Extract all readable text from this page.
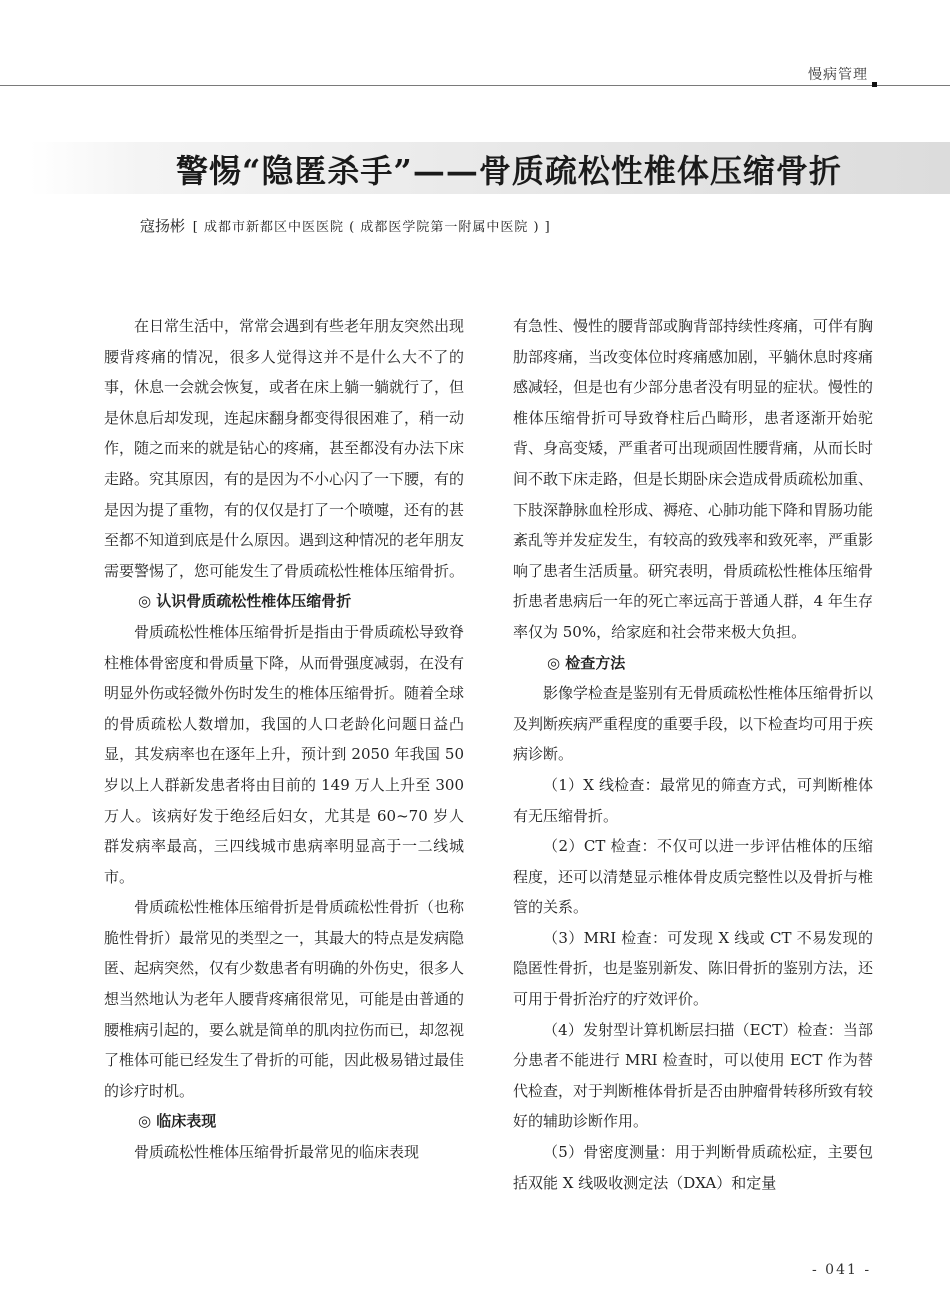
慢病管理
警惕“隐匿杀手”——骨质疏松性椎体压缩骨折
寇扬彬 [ 成都市新都区中医医院 ( 成都医学院第一附属中医院 ) ]

在日常生活中，常常会遇到有些老年朋友突然出现腰背疼痛的情况，很多人觉得这并不是什么大不了的事，休息一会就会恢复，或者在床上躺一躺就行了，但是休息后却发现，连起床翻身都变得很困难了，稍一动作，随之而来的就是钻心的疼痛，甚至都没有办法下床走路。究其原因，有的是因为不小心闪了一下腰，有的是因为提了重物，有的仅仅是打了一个喷嚏，还有的甚至都不知道到底是什么原因。遇到这种情况的老年朋友需要警惕了，您可能发生了骨质疏松性椎体压缩骨折。

◎ 认识骨质疏松性椎体压缩骨折

骨质疏松性椎体压缩骨折是指由于骨质疏松导致脊柱椎体骨密度和骨质量下降，从而骨强度减弱，在没有明显外伤或轻微外伤时发生的椎体压缩骨折。随着全球的骨质疏松人数增加，我国的人口老龄化问题日益凸显，其发病率也在逐年上升，预计到 2050 年我国 50 岁以上人群新发患者将由目前的 149 万人上升至 300 万人。该病好发于绝经后妇女，尤其是 60~70 岁人群发病率最高，三四线城市患病率明显高于一二线城市。

骨质疏松性椎体压缩骨折是骨质疏松性骨折（也称脆性骨折）最常见的类型之一，其最大的特点是发病隐匿、起病突然，仅有少数患者有明确的外伤史，很多人想当然地认为老年人腰背疼痛很常见，可能是由普通的腰椎病引起的，要么就是简单的肌肉拉伤而已，却忽视了椎体可能已经发生了骨折的可能，因此极易错过最佳的诊疗时机。

◎ 临床表现

骨质疏松性椎体压缩骨折最常见的临床表现

有急性、慢性的腰背部或胸背部持续性疼痛，可伴有胸肋部疼痛，当改变体位时疼痛感加剧，平躺休息时疼痛感减轻，但是也有少部分患者没有明显的症状。慢性的椎体压缩骨折可导致脊柱后凸畸形，患者逐渐开始驼背、身高变矮，严重者可出现顽固性腰背痛，从而长时间不敢下床走路，但是长期卧床会造成骨质疏松加重、下肢深静脉血栓形成、褥疮、心肺功能下降和胃肠功能紊乱等并发症发生，有较高的致残率和致死率，严重影响了患者生活质量。研究表明，骨质疏松性椎体压缩骨折患者患病后一年的死亡率远高于普通人群，4 年生存率仅为 50%，给家庭和社会带来极大负担。

◎ 检查方法

影像学检查是鉴别有无骨质疏松性椎体压缩骨折以及判断疾病严重程度的重要手段，以下检查均可用于疾病诊断。

（1）X 线检查：最常见的筛查方式，可判断椎体有无压缩骨折。

（2）CT 检查：不仅可以进一步评估椎体的压缩程度，还可以清楚显示椎体骨皮质完整性以及骨折与椎管的关系。

（3）MRI 检查：可发现 X 线或 CT 不易发现的隐匿性骨折，也是鉴别新发、陈旧骨折的鉴别方法，还可用于骨折治疗的疗效评价。

（4）发射型计算机断层扫描（ECT）检查：当部分患者不能进行 MRI 检查时，可以使用 ECT 作为替代检查，对于判断椎体骨折是否由肿瘤骨转移所致有较好的辅助诊断作用。

（5）骨密度测量：用于判断骨质疏松症，主要包括双能 X 线吸收测定法（DXA）和定量

- 041 -
